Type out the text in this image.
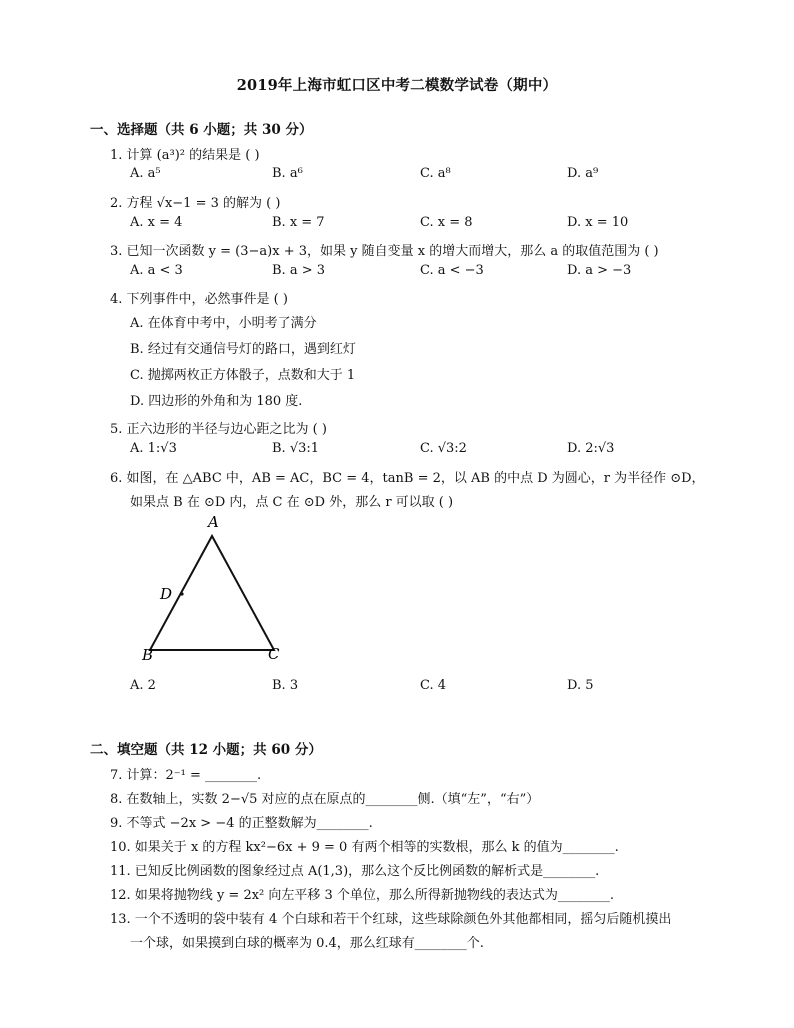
2019年上海市虹口区中考二模数学试卷（期中）
一、选择题（共 6 小题；共 30 分）
1. 计算 (a³)² 的结果是 ( )
A. a⁵	B. a⁶	C. a⁸	D. a⁹
2. 方程 √x−1 = 3 的解为 ( )
A. x = 4	B. x = 7	C. x = 8	D. x = 10
3. 已知一次函数 y = (3−a)x + 3，如果 y 随自变量 x 的增大而增大，那么 a 的取值范围为 ( )
A. a < 3	B. a > 3	C. a < −3	D. a > −3
4. 下列事件中，必然事件是 ( )
A. 在体育中考中，小明考了满分
B. 经过有交通信号灯的路口，遇到红灯
C. 抛掷两枚正方体骰子，点数和大于 1
D. 四边形的外角和为 180 度.
5. 正六边形的半径与边心距之比为 ( )
A. 1:√3	B. √3:1	C. √3:2	D. 2:√3
6. 如图，在 △ABC 中，AB = AC，BC = 4，tanB = 2，以 AB 的中点 D 为圆心，r 为半径作 ⊙D，
如果点 B 在 ⊙D 内，点 C 在 ⊙D 外，那么 r 可以取 ( )
A
D
B	C
A. 2	B. 3	C. 4	D. 5
二、填空题（共 12 小题；共 60 分）
7. 计算：2⁻¹ = ________.
8. 在数轴上，实数 2−√5 对应的点在原点的________侧.（填“左”，“右”）
9. 不等式 −2x > −4 的正整数解为________.
10. 如果关于 x 的方程 kx²−6x + 9 = 0 有两个相等的实数根，那么 k 的值为________.
11. 已知反比例函数的图象经过点 A(1,3)，那么这个反比例函数的解析式是________.
12. 如果将抛物线 y = 2x² 向左平移 3 个单位，那么所得新抛物线的表达式为________.
13. 一个不透明的袋中装有 4 个白球和若干个红球，这些球除颜色外其他都相同，摇匀后随机摸出
一个球，如果摸到白球的概率为 0.4，那么红球有________个.
